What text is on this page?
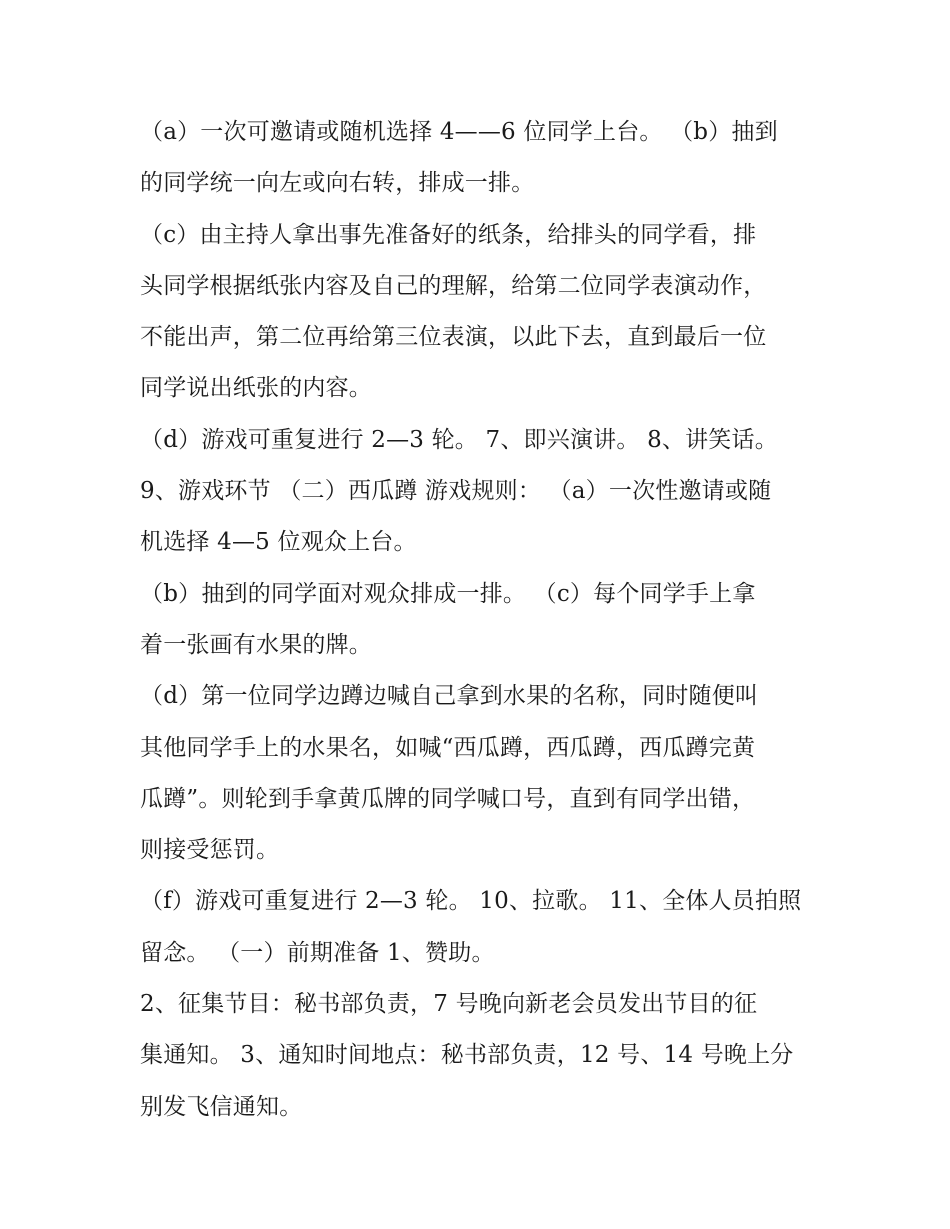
（a）一次可邀请或随机选择 4——6 位同学上台。 （b）抽到
的同学统一向左或向右转，排成一排。
（c）由主持人拿出事先准备好的纸条，给排头的同学看，排
头同学根据纸张内容及自己的理解，给第二位同学表演动作，
不能出声，第二位再给第三位表演，以此下去，直到最后一位
同学说出纸张的内容。
（d）游戏可重复进行 2—3 轮。 7、即兴演讲。 8、讲笑话。
9、游戏环节 （二）西瓜蹲 游戏规则： （a）一次性邀请或随
机选择 4—5 位观众上台。
（b）抽到的同学面对观众排成一排。 （c）每个同学手上拿
着一张画有水果的牌。
（d）第一位同学边蹲边喊自己拿到水果的名称，同时随便叫
其他同学手上的水果名，如喊“西瓜蹲，西瓜蹲，西瓜蹲完黄
瓜蹲”。则轮到手拿黄瓜牌的同学喊口号，直到有同学出错，
则接受惩罚。
（f）游戏可重复进行 2—3 轮。 10、拉歌。 11、全体人员拍照
留念。 （一）前期准备 1、赞助。
2、征集节目：秘书部负责，7 号晚向新老会员发出节目的征
集通知。 3、通知时间地点：秘书部负责，12 号、14 号晚上分
别发飞信通知。
